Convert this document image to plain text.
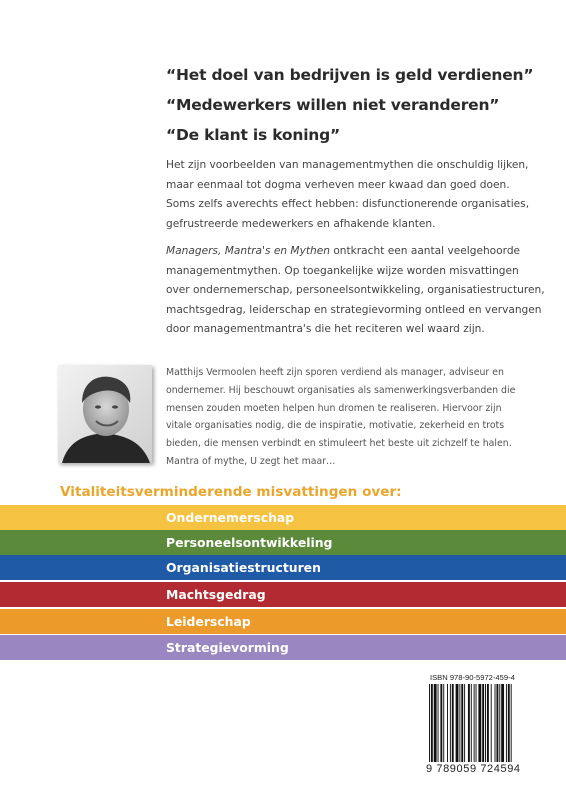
“Het doel van bedrijven is geld verdienen”
“Medewerkers willen niet veranderen”
“De klant is koning”

Het zijn voorbeelden van managementmythen die onschuldig lijken,

maar eenmaal tot dogma verheven meer kwaad dan goed doen.

Soms zelfs averechts effect hebben: disfunctionerende organisaties,

gefrustreerde medewerkers en afhakende klanten.

Managers, Mantra's en Mythen ontkracht een aantal veelgehoorde

managementmythen. Op toegankelijke wijze worden misvattingen

over ondernemerschap, personeelsontwikkeling, organisatiestructuren,

machtsgedrag, leiderschap en strategievorming ontleed en vervangen

door managementmantra's die het reciteren wel waard zijn.

Matthijs Vermoolen heeft zijn sporen verdiend als manager, adviseur en

ondernemer. Hij beschouwt organisaties als samenwerkingsverbanden die

mensen zouden moeten helpen hun dromen te realiseren. Hiervoor zijn

vitale organisaties nodig, die de inspiratie, motivatie, zekerheid en trots

bieden, die mensen verbindt en stimuleert het beste uit zichzelf te halen.

Mantra of mythe, U zegt het maar…

Vitaliteitsverminderende misvattingen over:
Ondernemerschap
Personeelsontwikkeling
Organisatiestructuren
Machtsgedrag
Leiderschap
Strategievorming
ISBN 978-90-5972-459-4
9 789059 724594
